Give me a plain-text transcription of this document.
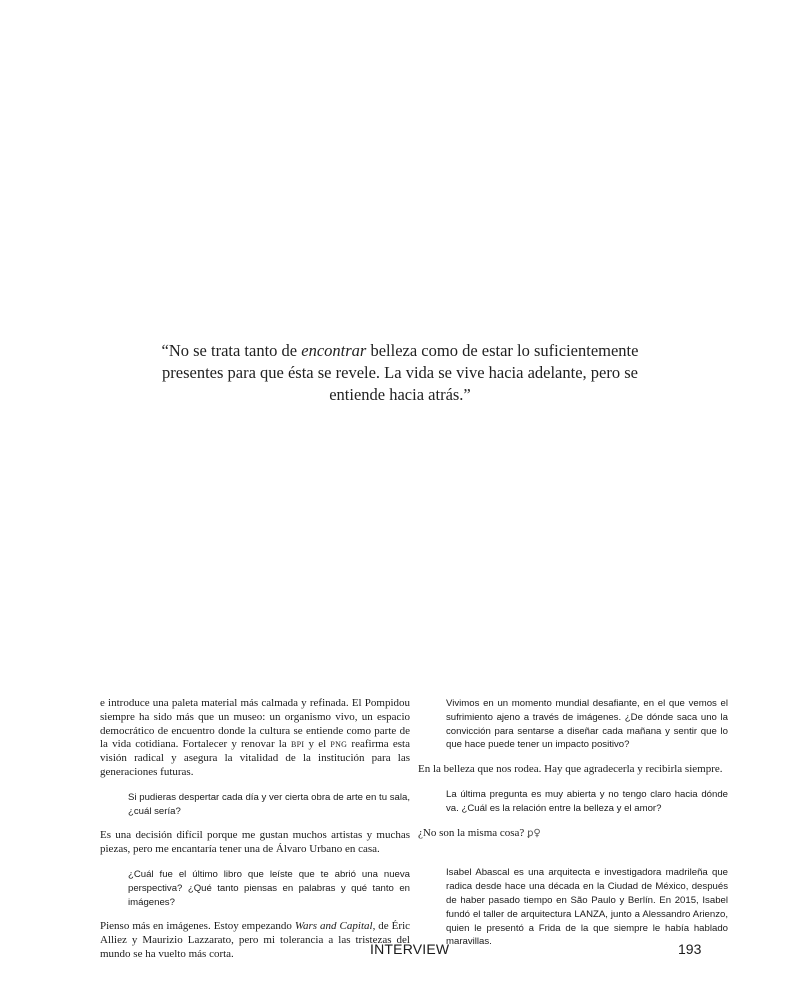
“No se trata tanto de encontrar belleza como de estar lo suficientemente presentes para que ésta se revele. La vida se vive hacia adelante, pero se entiende hacia atrás.”

e introduce una paleta material más calmada y refinada. El Pompidou siempre ha sido más que un museo: un organismo vivo, un espacio democrático de encuentro donde la cultura se entiende como parte de la vida cotidiana. Fortalecer y renovar la BPI y el PNG reafirma esta visión radical y asegura la vitalidad de la institución para las generaciones futuras.

Si pudieras despertar cada día y ver cierta obra de arte en tu sala, ¿cuál sería?

Es una decisión difícil porque me gustan muchos artistas y muchas piezas, pero me encantaría tener una de Álvaro Urbano en casa.

¿Cuál fue el último libro que leíste que te abrió una nueva perspectiva? ¿Qué tanto piensas en palabras y qué tanto en imágenes?

Pienso más en imágenes. Estoy empezando Wars and Capital, de Éric Alliez y Maurizio Lazzarato, pero mi tolerancia a las tristezas del mundo se ha vuelto más corta.

Vivimos en un momento mundial desafiante, en el que vemos el sufrimiento ajeno a través de imágenes. ¿De dónde saca uno la convicción para sentarse a diseñar cada mañana y sentir que lo que hace puede tener un impacto positivo?

En la belleza que nos rodea. Hay que agradecerla y recibirla siempre.

La última pregunta es muy abierta y no tengo claro hacia dónde va. ¿Cuál es la relación entre la belleza y el amor?

¿No son la misma cosa? ꝑ♀

Isabel Abascal es una arquitecta e investigadora madrileña que radica desde hace una década en la Ciudad de México, después de haber pasado tiempo en São Paulo y Berlín. En 2015, Isabel fundó el taller de arquitectura LANZA, junto a Alessandro Arienzo, quien le presentó a Frida de la que siempre le había hablado maravillas.

INTERVIEW	193
